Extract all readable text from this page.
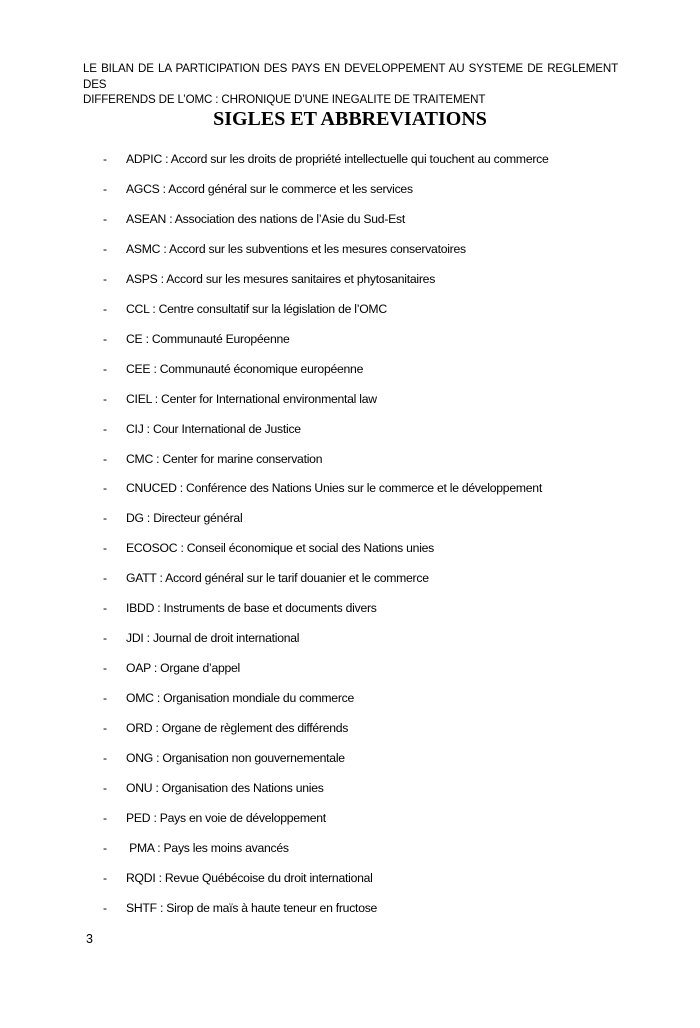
LE BILAN DE LA PARTICIPATION DES PAYS EN DEVELOPPEMENT AU SYSTEME DE REGLEMENT DES
DIFFERENDS DE L’OMC : CHRONIQUE D’UNE INEGALITE DE TRAITEMENT
SIGLES ET ABBREVIATIONS
- ADPIC : Accord sur les droits de propriété intellectuelle qui touchent au commerce
- AGCS : Accord général sur le commerce et les services
- ASEAN : Association des nations de l’Asie du Sud-Est
- ASMC : Accord sur les subventions et les mesures conservatoires
- ASPS : Accord sur les mesures sanitaires et phytosanitaires
- CCL : Centre consultatif sur la législation de l’OMC
- CE : Communauté Européenne
- CEE : Communauté économique européenne
- CIEL : Center for International environmental law
- CIJ : Cour International de Justice
- CMC : Center for marine conservation
- CNUCED : Conférence des Nations Unies sur le commerce et le développement
- DG : Directeur général
- ECOSOC : Conseil économique et social des Nations unies
- GATT : Accord général sur le tarif douanier et le commerce
- IBDD : Instruments de base et documents divers
- JDI : Journal de droit international
- OAP : Organe d’appel
- OMC : Organisation mondiale du commerce
- ORD : Organe de règlement des différends
- ONG : Organisation non gouvernementale
- ONU : Organisation des Nations unies
- PED : Pays en voie de développement
- PMA : Pays les moins avancés
- RQDI : Revue Québécoise du droit international
- SHTF : Sirop de maïs à haute teneur en fructose
3
